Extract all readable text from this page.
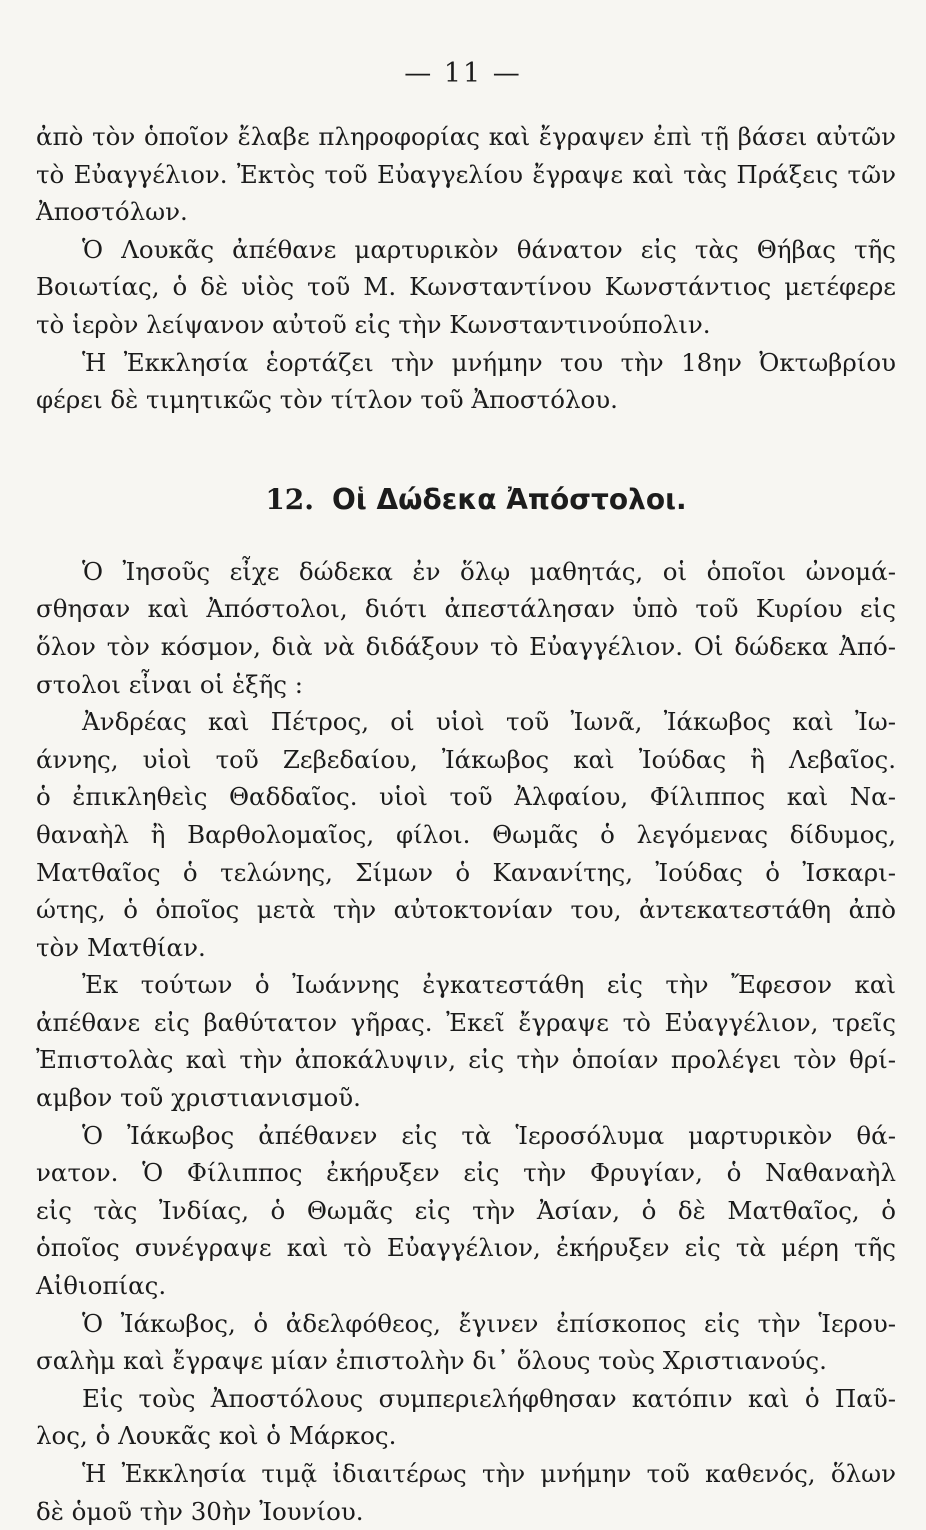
— 11 —
ἀπὸ τὸν ὁποῖον ἔλαβε πληροφορίας καὶ ἔγραψεν ἐπὶ τῇ βάσει αὐτῶν
τὸ Εὐαγγέλιον. Ἐκτὸς τοῦ Εὐαγγελίου ἔγραψε καὶ τὰς Πράξεις τῶν
Ἀποστόλων.
Ὁ Λουκᾶς ἀπέθανε μαρτυρικὸν θάνατον εἰς τὰς Θήβας τῆς
Βοιωτίας, ὁ δὲ υἱὸς τοῦ Μ. Κωνσταντίνου Κωνστάντιος μετέφερε
τὸ ἱερὸν λείψανον αὐτοῦ εἰς τὴν Κωνσταντινούπολιν.
Ἡ Ἐκκλησία ἑορτάζει τὴν μνήμην του τὴν 18ην Ὀκτωβρίου
φέρει δὲ τιμητικῶς τὸν τίτλον τοῦ Ἀποστόλου.
12. Οἱ Δώδεκα Ἀπόστολοι.
Ὁ Ἰησοῦς εἶχε δώδεκα ἐν ὅλῳ μαθητάς, οἱ ὁποῖοι ὠνομά-
σθησαν καὶ Ἀπόστολοι, διότι ἀπεστάλησαν ὑπὸ τοῦ Κυρίου εἰς
ὅλον τὸν κόσμον, διὰ νὰ διδάξουν τὸ Εὐαγγέλιον. Οἱ δώδεκα Ἀπό-
στολοι εἶναι οἱ ἑξῆς :
Ἀνδρέας καὶ Πέτρος, οἱ υἱοὶ τοῦ Ἰωνᾶ, Ἰάκωβος καὶ Ἰω-
άννης, υἱοὶ τοῦ Ζεβεδαίου, Ἰάκωβος καὶ Ἰούδας ἢ Λεβαῖος.
ὁ ἐπικληθεὶς Θαδδαῖος. υἱοὶ τοῦ Ἀλφαίου, Φίλιππος καὶ Να-
θαναὴλ ἢ Βαρθολομαῖος, φίλοι. Θωμᾶς ὁ λεγόμενας δίδυμος,
Ματθαῖος ὁ τελώνης, Σίμων ὁ Κανανίτης, Ἰούδας ὁ Ἰσκαρι-
ώτης, ὁ ὁποῖος μετὰ τὴν αὐτοκτονίαν του, ἀντεκατεστάθη ἀπὸ
τὸν Ματθίαν.
Ἐκ τούτων ὁ Ἰωάννης ἐγκατεστάθη εἰς τὴν Ἔφεσον καὶ
ἀπέθανε εἰς βαθύτατον γῆρας. Ἐκεῖ ἔγραψε τὸ Εὐαγγέλιον, τρεῖς
Ἐπιστολὰς καὶ τὴν ἀποκάλυψιν, εἰς τὴν ὁποίαν προλέγει τὸν θρί-
αμβον τοῦ χριστιανισμοῦ.
Ὁ Ἰάκωβος ἀπέθανεν εἰς τὰ Ἱεροσόλυμα μαρτυρικὸν θά-
νατον. Ὁ Φίλιππος ἐκήρυξεν εἰς τὴν Φρυγίαν, ὁ Ναθαναὴλ
εἰς τὰς Ἰνδίας, ὁ Θωμᾶς εἰς τὴν Ἀσίαν, ὁ δὲ Ματθαῖος, ὁ
ὁποῖος συνέγραψε καὶ τὸ Εὐαγγέλιον, ἐκήρυξεν εἰς τὰ μέρη τῆς
Αἰθιοπίας.
Ὁ Ἰάκωβος, ὁ ἀδελφόθεος, ἔγινεν ἐπίσκοπος εἰς τὴν Ἱερου-
σαλὴμ καὶ ἔγραψε μίαν ἐπιστολὴν δι᾿ ὅλους τοὺς Χριστιανούς.
Εἰς τοὺς Ἀποστόλους συμπεριελήφθησαν κατόπιν καὶ ὁ Παῦ-
λος, ὁ Λουκᾶς κοὶ ὁ Μάρκος.
Ἡ Ἐκκλησία τιμᾷ ἰδιαιτέρως τὴν μνήμην τοῦ καθενός, ὅλων
δὲ ὁμοῦ τὴν 30ὴν Ἰουνίου.
